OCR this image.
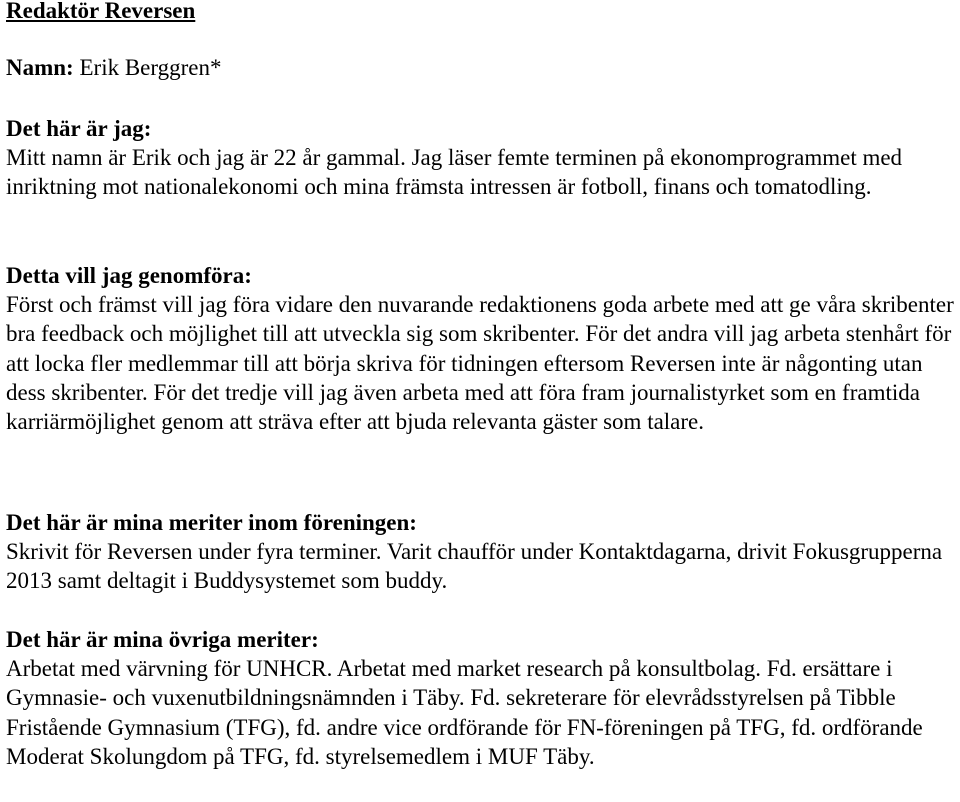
Redaktör Reversen
Namn: Erik Berggren*
Det här är jag:
Mitt namn är Erik och jag är 22 år gammal. Jag läser femte terminen på ekonomprogrammet med inriktning mot nationalekonomi och mina främsta intressen är fotboll, finans och tomatodling.
Detta vill jag genomföra:
Först och främst vill jag föra vidare den nuvarande redaktionens goda arbete med att ge våra skribenter bra feedback och möjlighet till att utveckla sig som skribenter. För det andra vill jag arbeta stenhårt för att locka fler medlemmar till att börja skriva för tidningen eftersom Reversen inte är någonting utan dess skribenter. För det tredje vill jag även arbeta med att föra fram journalistyrket som en framtida karriärmöjlighet genom att sträva efter att bjuda relevanta gäster som talare.
Det här är mina meriter inom föreningen:
Skrivit för Reversen under fyra terminer. Varit chaufför under Kontaktdagarna, drivit Fokusgrupperna 2013 samt deltagit i Buddysystemet som buddy.
Det här är mina övriga meriter:
Arbetat med värvning för UNHCR. Arbetat med market research på konsultbolag. Fd. ersättare i Gymnasie- och vuxenutbildningsnämnden i Täby. Fd. sekreterare för elevrådsstyrelsen på Tibble Fristående Gymnasium (TFG), fd. andre vice ordförande för FN-föreningen på TFG, fd. ordförande Moderat Skolungdom på TFG, fd. styrelsemedlem i MUF Täby.
